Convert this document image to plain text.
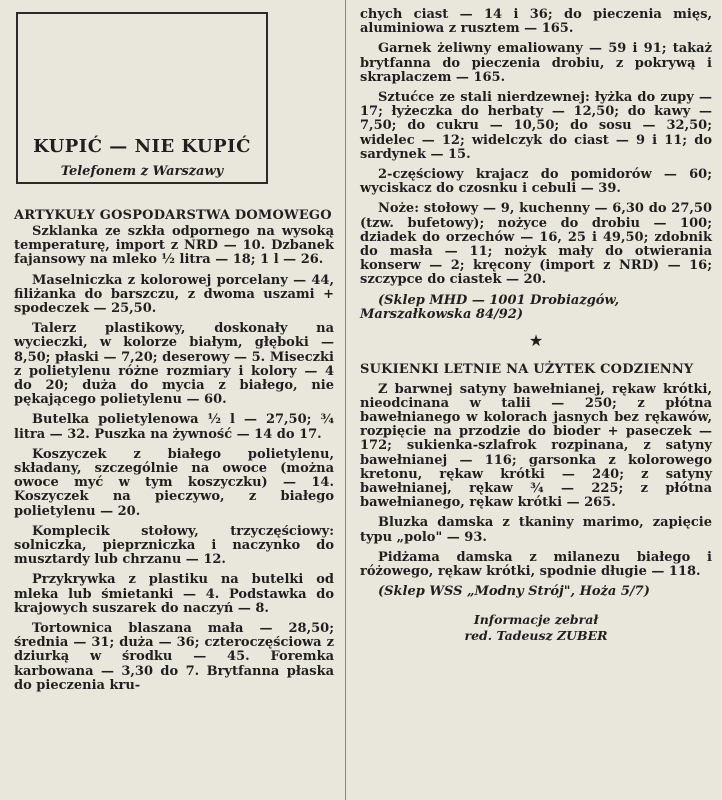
KUPIĆ — NIE KUPIĆ
Telefonem z Warszawy
ARTYKUŁY GOSPODARSTWA DOMOWEGO

Szklanka ze szkła odpornego na wysoką temperaturę, import z NRD — 10. Dzbanek fajansowy na mleko ½ litra — 18; 1 l — 26.

Maselniczka z kolorowej porcelany — 44, filiżanka do barszczu, z dwoma uszami + spodeczek — 25,50.

Talerz plastikowy, doskonały na wycieczki, w kolorze białym, głęboki — 8,50; płaski — 7,20; deserowy — 5. Miseczki z polietylenu różne rozmiary i kolory — 4 do 20; duża do mycia z białego, nie pękającego polietylenu — 60.

Butelka polietylenowa ½ l — 27,50; ¾ litra — 32. Puszka na żywność — 14 do 17.

Koszyczek z białego polietylenu, składany, szczególnie na owoce (można owoce myć w tym koszyczku) — 14. Koszyczek na pieczywo, z białego polietylenu — 20.

Komplecik stołowy, trzyczęściowy: solniczka, pieprzniczka i naczynko do musztardy lub chrzanu — 12.

Przykrywka z plastiku na butelki od mleka lub śmietanki — 4. Podstawka do krajowych suszarek do naczyń — 8.

Tortownica blaszana mała — 28,50; średnia — 31; duża — 36; czteroczęściowa z dziurką w środku — 45. Foremka karbowana — 3,30 do 7. Brytfanna płaska do pieczenia kru-

chych ciast — 14 i 36; do pieczenia mięs, aluminiowa z rusztem — 165.

Garnek żeliwny emaliowany — 59 i 91; takaż brytfanna do pieczenia drobiu, z pokrywą i skraplaczem — 165.

Sztućce ze stali nierdzewnej: łyżka do zupy — 17; łyżeczka do herbaty — 12,50; do kawy — 7,50; do cukru — 10,50; do sosu — 32,50; widelec — 12; widelczyk do ciast — 9 i 11; do sardynek — 15.

2-częściowy krajacz do pomidorów — 60; wyciskacz do czosnku i cebuli — 39.

Noże: stołowy — 9, kuchenny — 6,30 do 27,50 (tzw. bufetowy); nożyce do drobiu — 100; dziadek do orzechów — 16, 25 i 49,50; zdobnik do masła — 11; nożyk mały do otwierania konserw — 2; kręcony (import z NRD) — 16; szczypce do ciastek — 20.

(Sklep MHD — 1001 Drobiazgów, Marszałkowska 84/92)
★
SUKIENKI LETNIE NA UŻYTEK CODZIENNY

Z barwnej satyny bawełnianej, rękaw krótki, nieodcinana w talii — 250; z płótna bawełnianego w kolorach jasnych bez rękawów, rozpięcie na przodzie do bioder + paseczek — 172; sukienka-szlafrok rozpinana, z satyny bawełnianej — 116; garsonka z kolorowego kretonu, rękaw krótki — 240; z satyny bawełnianej, rękaw ¾ — 225; z płótna bawełnianego, rękaw krótki — 265.

Bluzka damska z tkaniny marimo, zapięcie typu „polo" — 93.

Pidżama damska z milanezu białego i różowego, rękaw krótki, spodnie długie — 118.

(Sklep WSS „Modny Strój", Hoża 5/7)
Informacje zebrał
red. Tadeusz ZUBER
